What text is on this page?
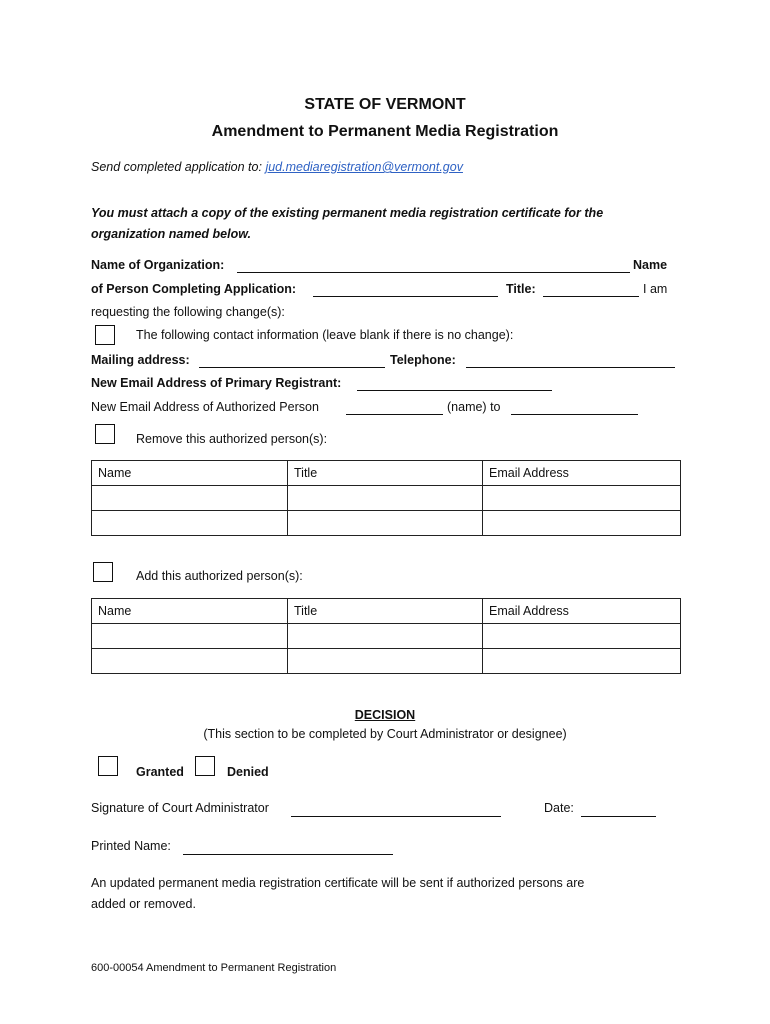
STATE OF VERMONT
Amendment to Permanent Media Registration
Send completed application to: jud.mediaregistration@vermont.gov
You must attach a copy of the existing permanent media registration certificate for the
organization named below.
Name of Organization:	Name
of Person Completing Application:	Title:	I am
requesting the following change(s):
The following contact information (leave blank if there is no change):
Mailing address:	Telephone:
New Email Address of Primary Registrant:
New Email Address of Authorized Person	(name) to
Remove this authorized person(s):
Name	Title	Email Address

Add this authorized person(s):
Name	Title	Email Address

DECISION
(This section to be completed by Court Administrator or designee)
Granted	Denied
Signature of Court Administrator	Date:
Printed Name:
An updated permanent media registration certificate will be sent if authorized persons are
added or removed.
600-00054 Amendment to Permanent Registration
